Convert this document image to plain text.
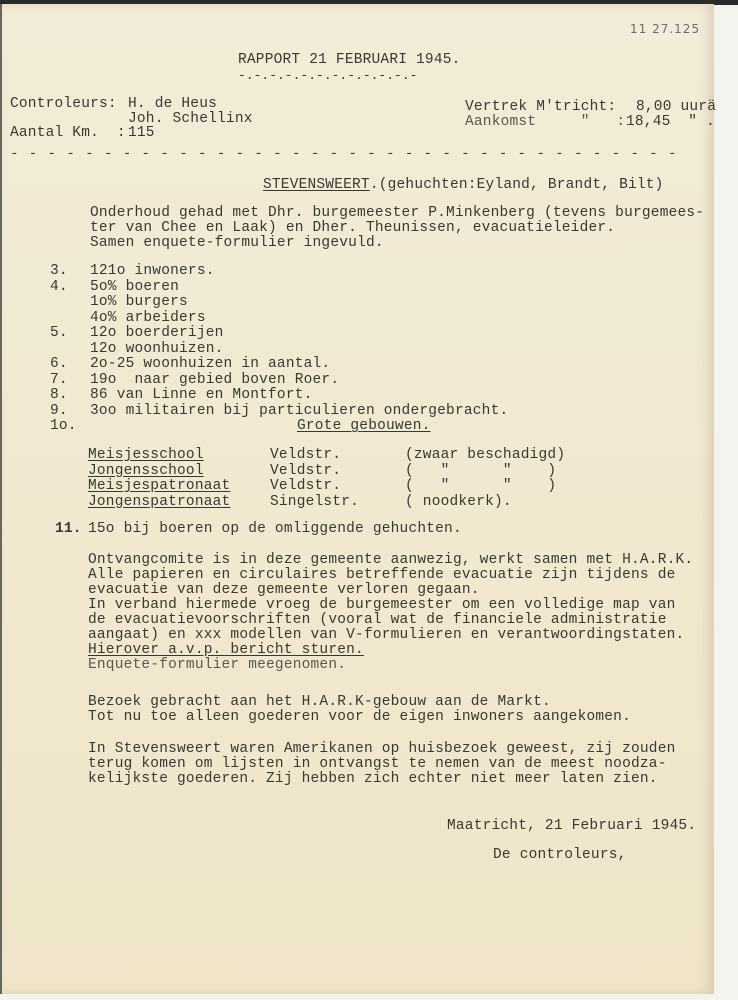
11 27.125
RAPPORT 21 FEBRUARI 1945.
-.-.-.-.-.-.-.-.-.-.-.-
Controleurs: H. de Heus
Joh. Schellinx
Aantal Km.  : 115
Vertrek M'tricht: 8,00 uurä
Aankomst     "   : 18,45  " .
- - - - - - - - - - - - - - - - - - - - - - - - - - - - - - - - - - - -
STEVENSWEERT.(gehuchten:Eyland, Brandt, Bilt)
Onderhoud gehad met Dhr. burgemeester P.Minkenberg (tevens burgemees-
ter van Chee en Laak) en Dher. Theunissen, evacuatieleider.
Samen enquete-formulier ingevuld.
3. 121o inwoners.
4. 5o% boeren
1o% burgers
4o% arbeiders
5. 12o boerderijen
12o woonhuizen.
6. 2o-25 woonhuizen in aantal.
7. 19o  naar gebied boven Roer.
8. 86 van Linne en Montfort.
9. 3oo militairen bij particulieren ondergebracht.
1o.	Grote gebouwen.
Meisjesschool	Veldstr.	(zwaar beschadigd)
Jongensschool	Veldstr.	(   "      "    )
Meisjespatronaat	Veldstr.	(   "      "    )
Jongenspatronaat	Singelstr.	( noodkerk).
11. 15o bij boeren op de omliggende gehuchten.
Ontvangcomite is in deze gemeente aanwezig, werkt samen met H.A.R.K.
Alle papieren en circulaires betreffende evacuatie zijn tijdens de
evacuatie van deze gemeente verloren gegaan.
In verband hiermede vroeg de burgemeester om een volledige map van
de evacuatievoorschriften (vooral wat de financiele administratie
aangaat) en xxx modellen van V-formulieren en verantwoordingstaten.
Hierover a.v.p. bericht sturen.
Enquete-formulier meegenomen.
Bezoek gebracht aan het H.A.R.K-gebouw aan de Markt.
Tot nu toe alleen goederen voor de eigen inwoners aangekomen.
In Stevensweert waren Amerikanen op huisbezoek geweest, zij zouden
terug komen om lijsten in ontvangst te nemen van de meest noodza-
kelijkste goederen. Zij hebben zich echter niet meer laten zien.
Maatricht, 21 Februari 1945.
De controleurs,
